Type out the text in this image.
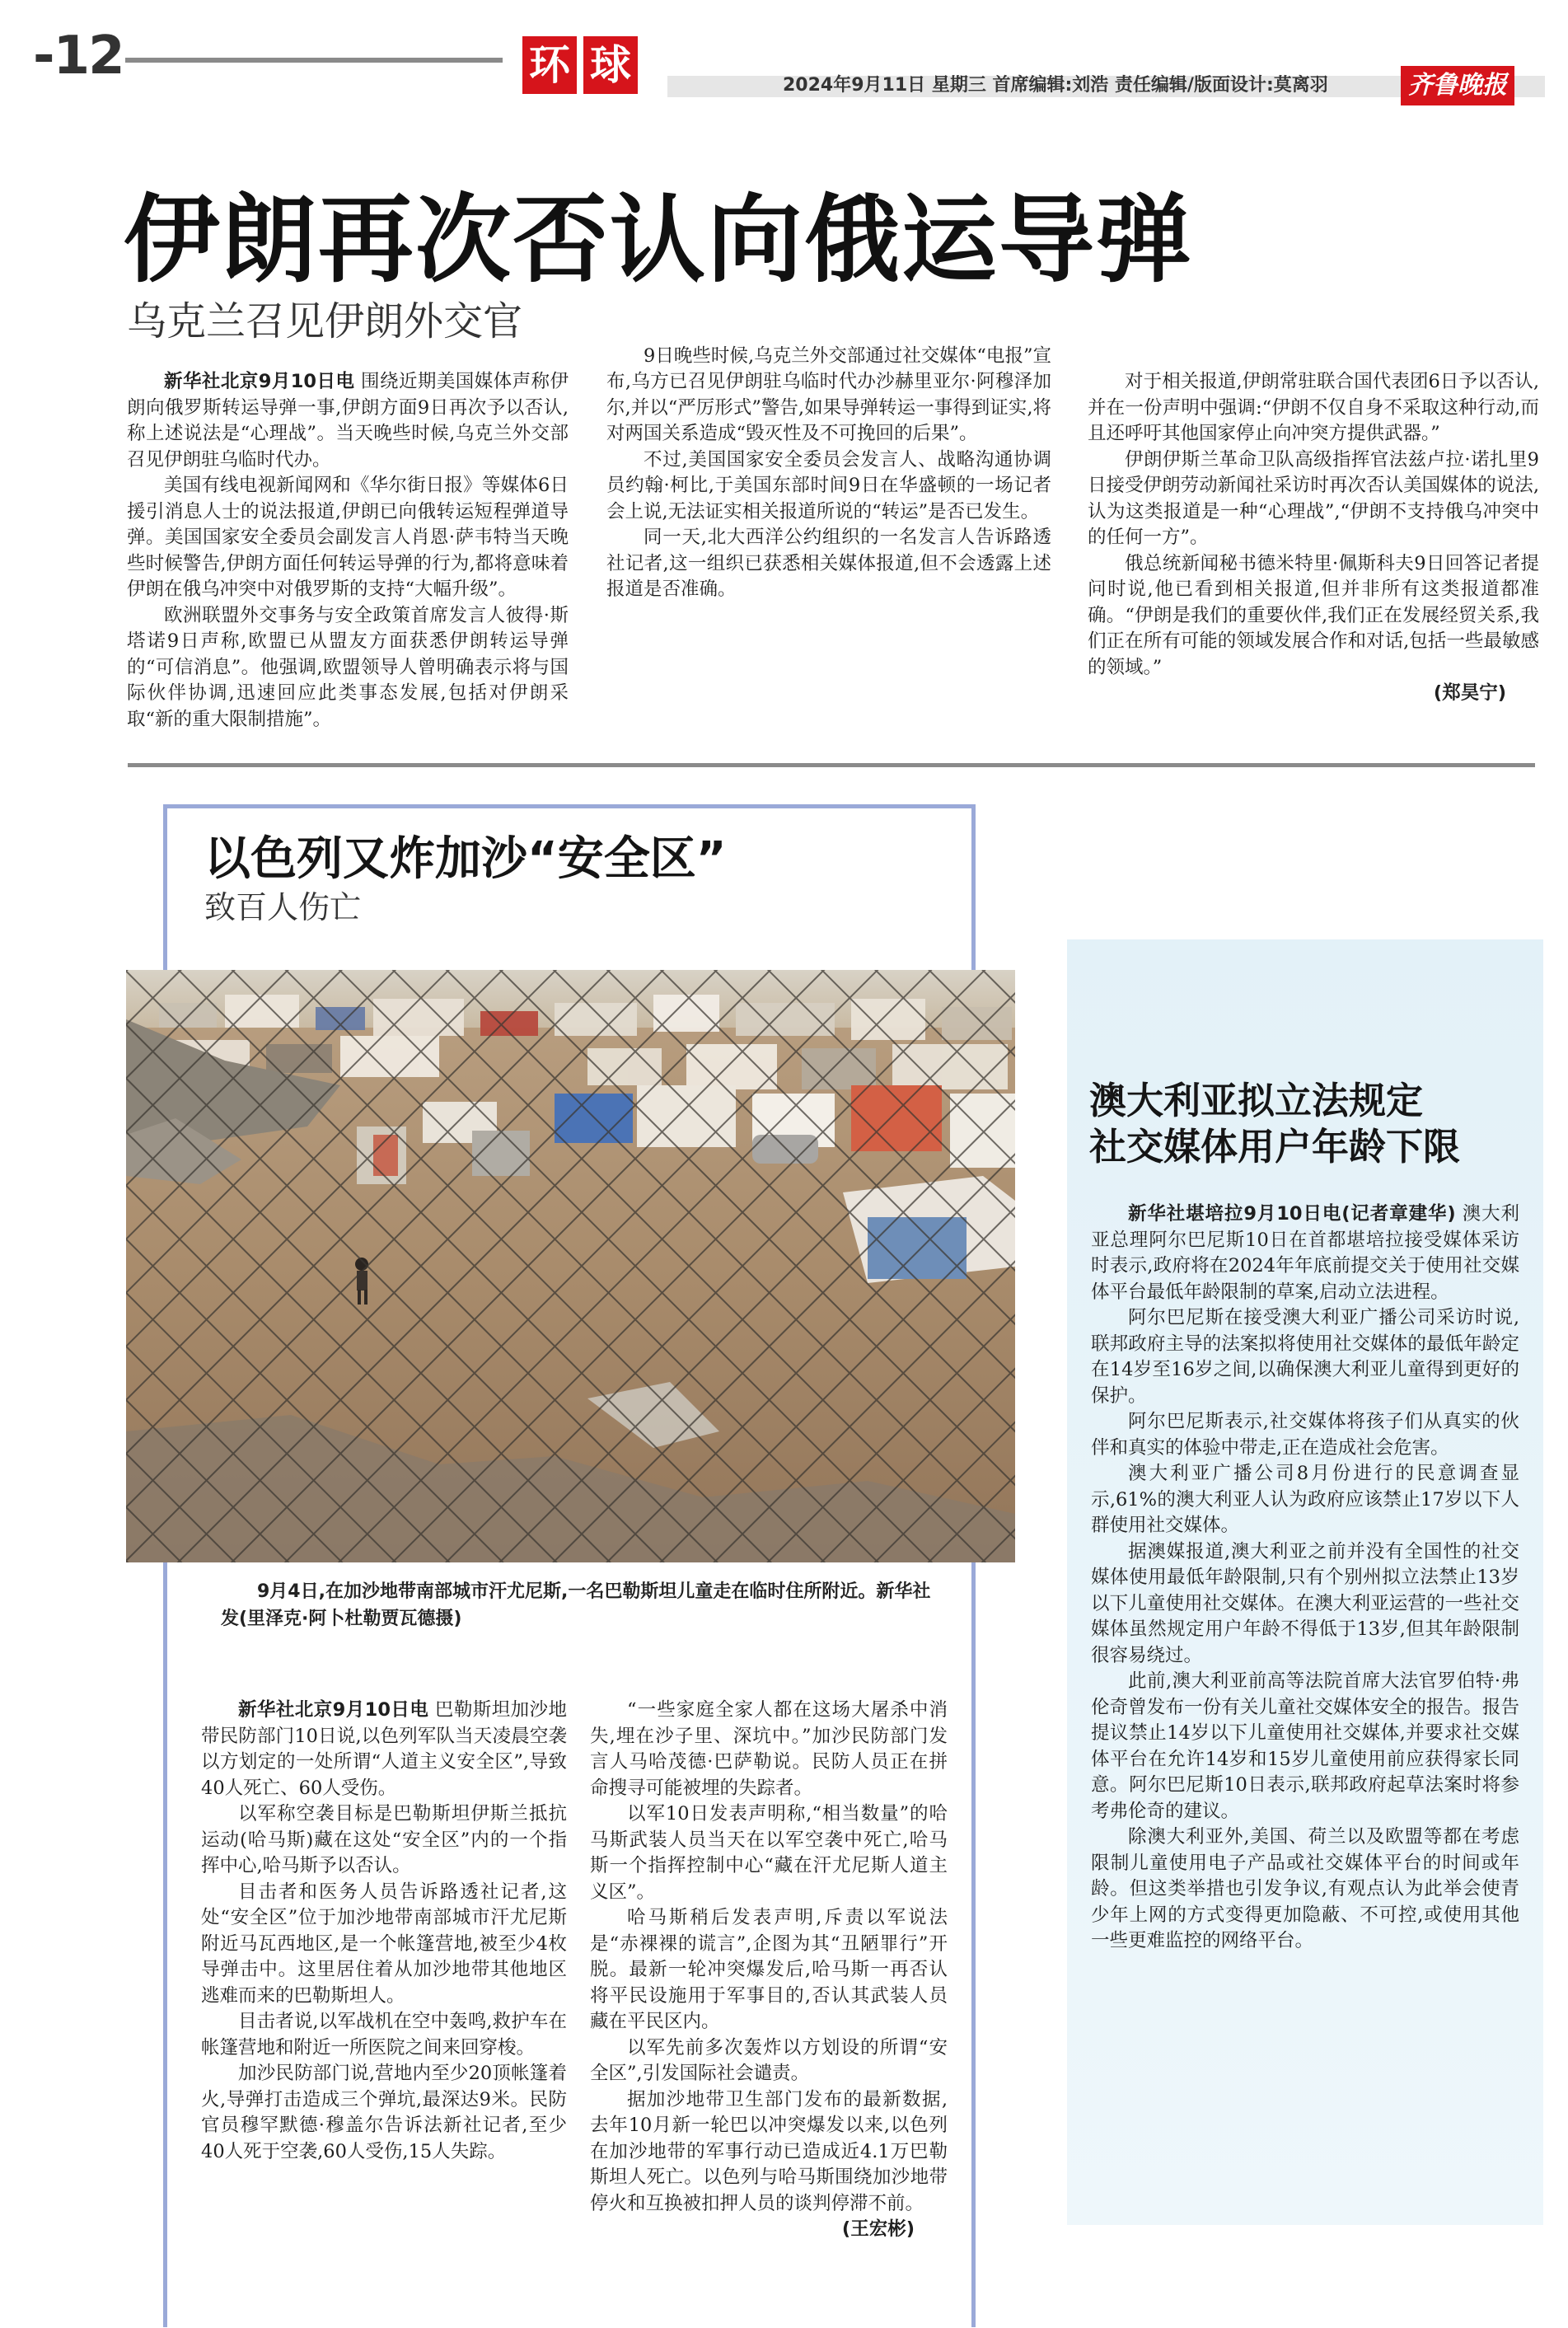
-12	环 球	2024年9月11日 星期三 首席编辑:刘浩 责任编辑/版面设计:莫离羽	齐鲁晚报
伊朗再次否认向俄运导弹
乌克兰召见伊朗外交官

新华社北京9月10日电 围绕近期美国媒体声称伊朗向俄罗斯转运导弹一事,伊朗方面9日再次予以否认,称上述说法是“心理战”。当天晚些时候,乌克兰外交部召见伊朗驻乌临时代办。

美国有线电视新闻网和《华尔街日报》等媒体6日援引消息人士的说法报道,伊朗已向俄转运短程弹道导弹。美国国家安全委员会副发言人肖恩·萨韦特当天晚些时候警告,伊朗方面任何转运导弹的行为,都将意味着伊朗在俄乌冲突中对俄罗斯的支持“大幅升级”。

欧洲联盟外交事务与安全政策首席发言人彼得·斯塔诺9日声称,欧盟已从盟友方面获悉伊朗转运导弹的“可信消息”。他强调,欧盟领导人曾明确表示将与国际伙伴协调,迅速回应此类事态发展,包括对伊朗采取“新的重大限制措施”。

9日晚些时候,乌克兰外交部通过社交媒体“电报”宣布,乌方已召见伊朗驻乌临时代办沙赫里亚尔·阿穆泽加尔,并以“严厉形式”警告,如果导弹转运一事得到证实,将对两国关系造成“毁灭性及不可挽回的后果”。

不过,美国国家安全委员会发言人、战略沟通协调员约翰·柯比,于美国东部时间9日在华盛顿的一场记者会上说,无法证实相关报道所说的“转运”是否已发生。

同一天,北大西洋公约组织的一名发言人告诉路透社记者,这一组织已获悉相关媒体报道,但不会透露上述报道是否准确。

对于相关报道,伊朗常驻联合国代表团6日予以否认,并在一份声明中强调:“伊朗不仅自身不采取这种行动,而且还呼吁其他国家停止向冲突方提供武器。”

伊朗伊斯兰革命卫队高级指挥官法兹卢拉·诺扎里9日接受伊朗劳动新闻社采访时再次否认美国媒体的说法,认为这类报道是一种“心理战”,“伊朗不支持俄乌冲突中的任何一方”。

俄总统新闻秘书德米特里·佩斯科夫9日回答记者提问时说,他已看到相关报道,但并非所有这类报道都准确。“伊朗是我们的重要伙伴,我们正在发展经贸关系,我们正在所有可能的领域发展合作和对话,包括一些最敏感的领域。”

(郑昊宁)
以色列又炸加沙“安全区”
致百人伤亡
9月4日,在加沙地带南部城市汗尤尼斯,一名巴勒斯坦儿童走在临时住所附近。新华社发(里泽克·阿卜杜勒贾瓦德摄)

新华社北京9月10日电 巴勒斯坦加沙地带民防部门10日说,以色列军队当天凌晨空袭以方划定的一处所谓“人道主义安全区”,导致40人死亡、60人受伤。

以军称空袭目标是巴勒斯坦伊斯兰抵抗运动(哈马斯)藏在这处“安全区”内的一个指挥中心,哈马斯予以否认。

目击者和医务人员告诉路透社记者,这处“安全区”位于加沙地带南部城市汗尤尼斯附近马瓦西地区,是一个帐篷营地,被至少4枚导弹击中。这里居住着从加沙地带其他地区逃难而来的巴勒斯坦人。

目击者说,以军战机在空中轰鸣,救护车在帐篷营地和附近一所医院之间来回穿梭。

加沙民防部门说,营地内至少20顶帐篷着火,导弹打击造成三个弹坑,最深达9米。民防官员穆罕默德·穆盖尔告诉法新社记者,至少40人死于空袭,60人受伤,15人失踪。

“一些家庭全家人都在这场大屠杀中消失,埋在沙子里、深坑中。”加沙民防部门发言人马哈茂德·巴萨勒说。民防人员正在拼命搜寻可能被埋的失踪者。

以军10日发表声明称,“相当数量”的哈马斯武装人员当天在以军空袭中死亡,哈马斯一个指挥控制中心“藏在汗尤尼斯人道主义区”。

哈马斯稍后发表声明,斥责以军说法是“赤裸裸的谎言”,企图为其“丑陋罪行”开脱。最新一轮冲突爆发后,哈马斯一再否认将平民设施用于军事目的,否认其武装人员藏在平民区内。

以军先前多次轰炸以方划设的所谓“安全区”,引发国际社会谴责。

据加沙地带卫生部门发布的最新数据,去年10月新一轮巴以冲突爆发以来,以色列在加沙地带的军事行动已造成近4.1万巴勒斯坦人死亡。以色列与哈马斯围绕加沙地带停火和互换被扣押人员的谈判停滞不前。

(王宏彬)
澳大利亚拟立法规定
社交媒体用户年龄下限

新华社堪培拉9月10日电(记者章建华) 澳大利亚总理阿尔巴尼斯10日在首都堪培拉接受媒体采访时表示,政府将在2024年年底前提交关于使用社交媒体平台最低年龄限制的草案,启动立法进程。

阿尔巴尼斯在接受澳大利亚广播公司采访时说,联邦政府主导的法案拟将使用社交媒体的最低年龄定在14岁至16岁之间,以确保澳大利亚儿童得到更好的保护。

阿尔巴尼斯表示,社交媒体将孩子们从真实的伙伴和真实的体验中带走,正在造成社会危害。

澳大利亚广播公司8月份进行的民意调查显示,61%的澳大利亚人认为政府应该禁止17岁以下人群使用社交媒体。

据澳媒报道,澳大利亚之前并没有全国性的社交媒体使用最低年龄限制,只有个别州拟立法禁止13岁以下儿童使用社交媒体。在澳大利亚运营的一些社交媒体虽然规定用户年龄不得低于13岁,但其年龄限制很容易绕过。

此前,澳大利亚前高等法院首席大法官罗伯特·弗伦奇曾发布一份有关儿童社交媒体安全的报告。报告提议禁止14岁以下儿童使用社交媒体,并要求社交媒体平台在允许14岁和15岁儿童使用前应获得家长同意。阿尔巴尼斯10日表示,联邦政府起草法案时将参考弗伦奇的建议。

除澳大利亚外,美国、荷兰以及欧盟等都在考虑限制儿童使用电子产品或社交媒体平台的时间或年龄。但这类举措也引发争议,有观点认为此举会使青少年上网的方式变得更加隐蔽、不可控,或使用其他一些更难监控的网络平台。
